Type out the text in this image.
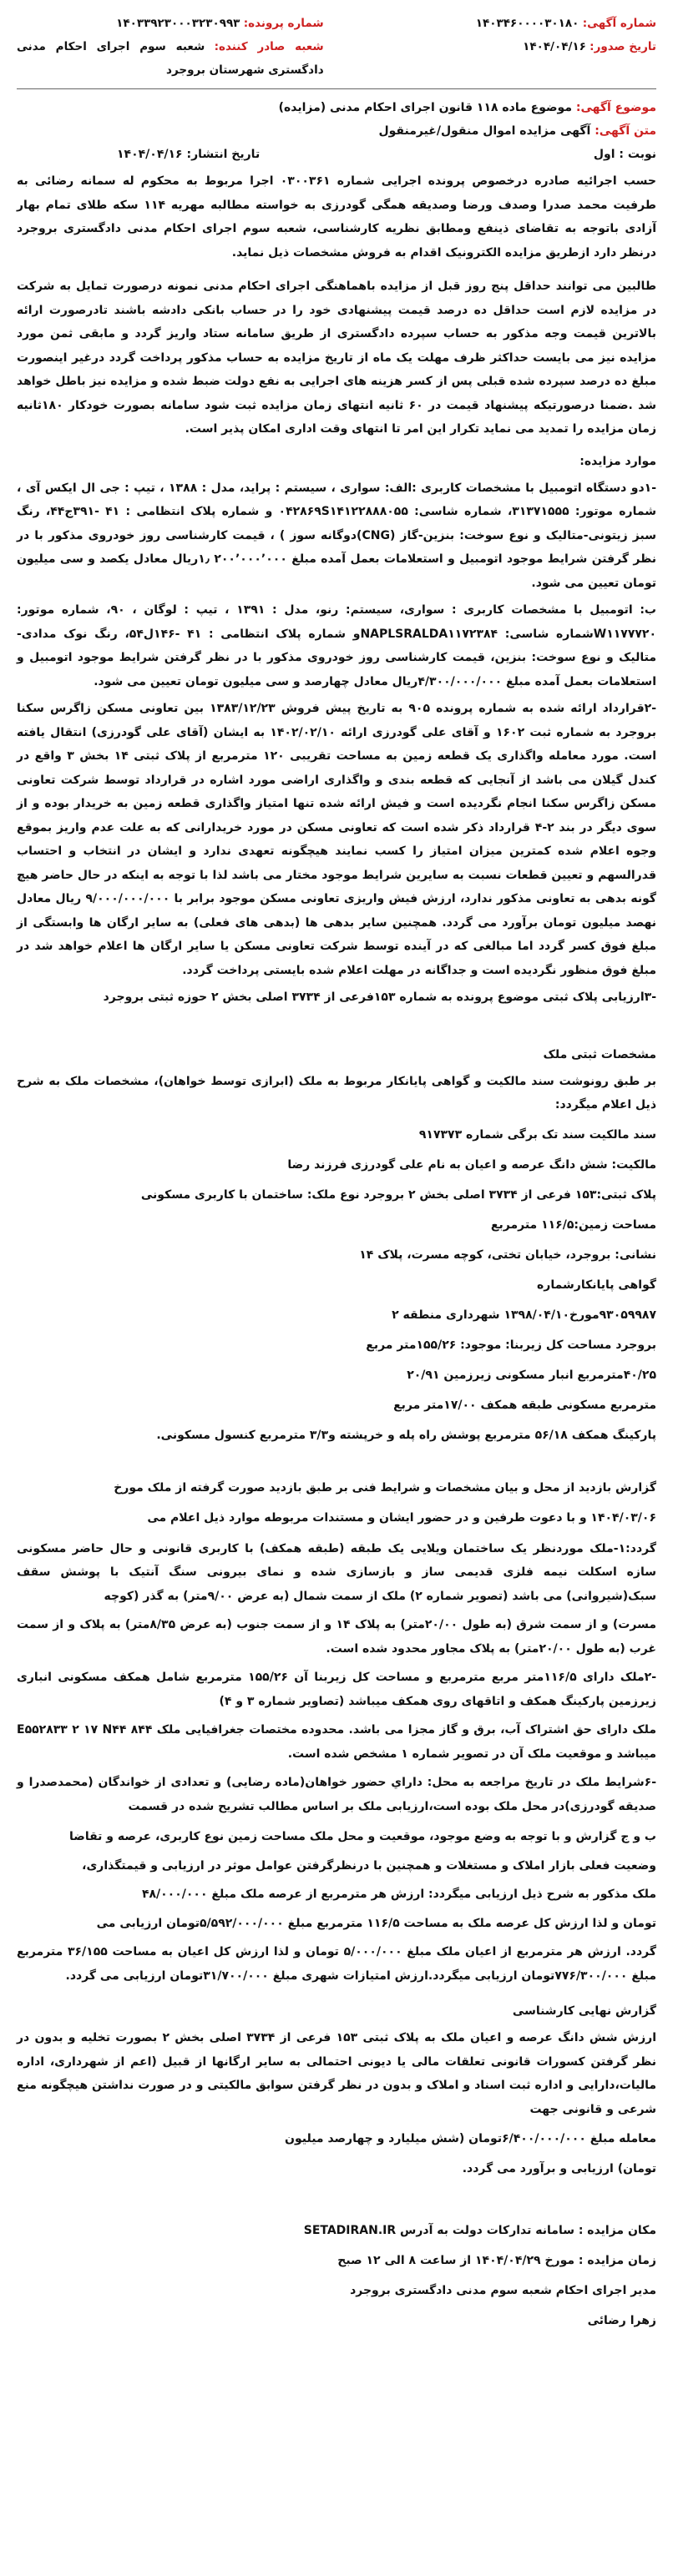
شماره آگهی: ۱۴۰۳۴۶۰۰۰۰۳۰۱۸۰
تاریخ صدور: ۱۴۰۴/۰۴/۱۶
شماره پرونده: ۱۴۰۳۳۹۲۳۰۰۰۳۲۳۰۹۹۳
شعبه صادر کننده: شعبه سوم اجرای احکام مدنی دادگستری شهرستان بروجرد
موضوع آگهی: موضوع ماده ۱۱۸ قانون اجرای احکام مدنی (مزایده)
متن آگهی: آگهی مزایده اموال منقول/غیرمنقول
نوبت : اول
تاریخ انتشار: ۱۴۰۴/۰۴/۱۶

حسب اجرائیه صادره درخصوص پرونده اجرایی شماره ۰۳۰۰۳۶۱ اجرا مربوط به محکوم له سمانه رضائی به طرفیت محمد صدرا وصدف ورضا وصدیقه همگی گودرزی به خواسته مطالبه مهریه ۱۱۴ سکه طلای تمام بهار آزادی باتوجه به تقاضای ذینفع ومطابق نظریه کارشناسی، شعبه سوم اجرای احکام مدنی دادگستری بروجرد درنظر دارد ازطریق مزایده الکترونیک اقدام به فروش مشخصات ذیل نماید.

طالبین می توانند حداقل پنج روز قبل از مزایده باهماهنگی اجرای احکام مدنی نمونه درصورت تمایل به شرکت در مزایده لازم است حداقل ده درصد قیمت پیشنهادی خود را در حساب بانکی دادشه باشند تادرصورت ارائه بالاترین قیمت وجه مذکور به حساب سپرده دادگستری از طریق سامانه ستاد واریز گردد و مابقی ثمن مورد مزایده نیز می بایست حداکثر ظرف مهلت یک ماه از تاریخ مزایده به حساب مذکور پرداخت گردد درغیر اینصورت مبلغ ده درصد سپرده شده قبلی پس از کسر هزینه های اجرایی به نفع دولت ضبط شده و مزایده نیز باطل خواهد شد .ضمنا درصورتیکه پیشنهاد قیمت در ۶۰ ثانیه انتهای زمان مزایده ثبت شود سامانه بصورت خودکار ۱۸۰ثانیه زمان مزایده را تمدید می نماید تکرار این امر تا انتهای وقت اداری امکان پذیر است.

موارد مزایده:

-۱دو دستگاه اتومبیل با مشخصات کاربری :الف: سواری ، سیستم : پراید، مدل : ۱۳۸۸ ، تیپ : جی ال ایکس آی ، شماره موتور: ۳۱۳۷۱۵۵۵، شماره شاسی: ۰۴۲۸۶۹S۱۴۱۲۲۸۸۸۰۵۵ و شماره پلاک انتظامی : ۴۱ -۳۹۱ج۴۴، رنگ سبز زیتونی-متالیک و نوع سوخت: بنزین-گاز (CNG)دوگانه سوز ) ، قیمت کارشناسی روز خودروی مذکور با در نظر گرفتن شرایط موجود اتومبیل و استعلامات بعمل آمده مبلغ ۲۰۰٬۰۰۰٬۰۰۰ ۱٫ریال معادل یکصد و سی میلیون تومان تعیین می شود.

ب: اتومبیل با مشخصات کاربری : سواری، سیستم: رنو، مدل : ۱۳۹۱ ، تیپ : لوگان ، ۹۰، شماره موتور: W۱۱۷۷۷۲۰شماره شاسی: NAPLSRALDA۱۱۷۲۳۸۴و شماره پلاک انتظامی : ۴۱ -۱۴۶ل۵۴، رنگ نوک مدادی-متالیک و نوع سوخت: بنزین، قیمت کارشناسی روز خودروی مذکور با در نظر گرفتن شرایط موجود اتومبیل و استعلامات بعمل آمده مبلغ ۴/۳۰۰/۰۰۰/۰۰۰ریال معادل چهارصد و سی میلیون تومان تعیین می شود.

-۲قرارداد ارائه شده به شماره پرونده ۹۰۵ به تاریخ پیش فروش ۱۳۸۳/۱۲/۲۳ بین تعاونی مسکن زاگرس سکنا بروجرد به شماره ثبت ۱۶۰۲ و آقای علی گودرزی ارائه ۱۴۰۲/۰۲/۱۰ به ایشان (آقای علی گودرزی) انتقال یافته است. مورد معامله واگذاری یک قطعه زمین به مساحت تقریبی ۱۲۰ مترمربع از پلاک ثبتی ۱۴ بخش ۳ واقع در کندل گیلان می باشد از آنجایی که قطعه بندی و واگذاری اراضی مورد اشاره در قرارداد توسط شرکت تعاونی مسکن زاگرس سکنا انجام نگردیده است و فیش ارائه شده تنها امتیاز واگذاری قطعه زمین به خریدار بوده و از سوی دیگر در بند ۲-۴ قرارداد ذکر شده است که تعاونی مسکن در مورد خریدارانی که به علت عدم واریز بموقع وجوه اعلام شده کمترین میزان امتیاز را کسب نمایند هیچگونه تعهدی ندارد و ایشان در انتخاب و احتساب قدرالسهم و تعیین قطعات نسبت به سایرین شرایط موجود مختار می باشد لذا با توجه به اینکه در حال حاضر هیچ گونه بدهی به تعاونی مذکور ندارد، ارزش فیش واریزی تعاونی مسکن موجود برابر با ۹/۰۰۰/۰۰۰/۰۰۰ ریال معادل نهصد میلیون تومان برآورد می گردد. همچنین سایر بدهی ها (بدهی های فعلی) به سایر ارگان ها وابستگی از مبلغ فوق کسر گردد اما مبالغی که در آینده توسط شرکت تعاونی مسکن یا سایر ارگان ها اعلام خواهد شد در مبلغ فوق منظور نگردیده است و جداگانه در مهلت اعلام شده بایستی پرداخت گردد.

-۳ارزیابی پلاک ثبتی موضوع پرونده به شماره ۱۵۳فرعی از ۳۷۳۴ اصلی بخش ۲ حوزه ثبتی بروجرد

مشخصات ثبتی ملک

بر طبق رونوشت سند مالکیت و گواهی پایانکار مربوط به ملک (ابرازی توسط خواهان)، مشخصات ملک به شرح ذیل اعلام میگردد:

سند مالکیت سند تک برگی شماره ۹۱۷۳۷۳

مالکیت: شش دانگ عرصه و اعیان به نام علی گودرزی فرزند رضا

پلاک ثبتی:۱۵۳ فرعی از ۳۷۳۴ اصلی بخش ۲ بروجرد نوع ملک: ساختمان با کاربری مسکونی

مساحت زمین:۱۱۶/۵ مترمربع

نشانی: بروجرد، خیابان تختی، کوچه مسرت، پلاک ۱۴

گواهی پایانکارشماره

۹۳۰۵۹۹۸۷مورخ۱۳۹۸/۰۴/۱۰ شهرداری منطقه ۲

بروجرد مساحت کل زیربنا: موجود: ۱۵۵/۲۶متر مربع

۴۰/۲۵مترمربع انبار مسکونی زیرزمین ۲۰/۹۱

مترمربع مسکونی طبقه همکف ۱۷/۰۰متر مربع

پارکینگ همکف ۵۶/۱۸ مترمربع پوشش راه پله و خرپشته و۳/۳ مترمربع کنسول مسکونی.

گزارش بازدید از محل و بیان مشخصات و شرایط فنی بر طبق بازدید صورت گرفته از ملک مورخ

۱۴۰۴/۰۳/۰۶ و با دعوت طرفین و در حضور ایشان و مستندات مربوطه موارد ذیل اعلام می

گردد:۱-ملک موردنظر یک ساختمان ویلایی یک طبقه (طبقه همکف) با کاربری قانونی و حال حاضر مسکونی سازه اسکلت نیمه فلزی قدیمی ساز و بازسازی شده و نمای بیرونی سنگ آنتیک با پوشش سقف سبک(شیروانی) می باشد (تصویر شماره ۲) ملک از سمت شمال (به عرض ۹/۰۰متر) به گذر (کوچه

مسرت) و از سمت شرق (به طول ۲۰/۰۰متر) به پلاک ۱۴ و از سمت جنوب (به عرض ۸/۳۵متر) به پلاک و از سمت غرب (به طول ۲۰/۰۰متر) به پلاک مجاور محدود شده است.

-۲ملک دارای ۱۱۶/۵متر مربع مترمربع و مساحت کل زیربنا آن ۱۵۵/۲۶ مترمربع شامل همکف مسکونی انباری زیرزمین پارکینگ همکف و اتاقهای روی همکف میباشد (تصاویر شماره ۳ و ۴)

ملک دارای حق اشتراک آب، برق و گاز مجزا می باشد. محدوده مختصات جغرافیایی ملک E۵۵۲۸۳۳ ۲ ۱۷ N۴۴ ۸۴۴ میباشد و موقعیت ملک آن در تصویر شماره ۱ مشخص شده است.

-۶شرایط ملک در تاریخ مراجعه به محل: داراي حضور خواهان(ماده رضایی) و تعدادی از خواندگان (محمدصدرا و صدیقه گودرزی)در محل ملک بوده است،ارزیابی ملک بر اساس مطالب تشریح شده در قسمت

ب و ج گزارش و با توجه به وضع موجود، موقعیت و محل ملک مساحت زمین نوع کاربری، عرصه و تقاضا

وضعیت فعلی بازار املاک و مستغلات و همچنین با درنظرگرفتن عوامل موثر در ارزیابی و قیمتگذاری،

ملک مذکور به شرح ذیل ارزیابی میگردد: ارزش هر مترمربع از عرصه ملک مبلغ ۴۸/۰۰۰/۰۰۰

تومان و لذا ارزش کل عرصه ملک به مساحت ۱۱۶/۵ مترمربع مبلغ ۵/۵۹۲/۰۰۰/۰۰۰تومان ارزیابی می

گردد. ارزش هر مترمربع از اعیان ملک مبلغ ۵/۰۰۰/۰۰۰ تومان و لذا ارزش کل اعیان به مساحت ۳۶/۱۵۵ مترمربع مبلغ ۷۷۶/۳۰۰/۰۰۰تومان ارزیابی میگردد.ارزش امتیازات شهری مبلغ ۳۱/۷۰۰/۰۰۰تومان ارزیابی می گردد.

گزارش نهایی کارشناسی

ارزش شش دانگ عرصه و اعیان ملک به پلاک ثبتی ۱۵۳ فرعی از ۳۷۳۴ اصلی بخش ۲ بصورت تخلیه و بدون در نظر گرفتن کسورات قانونی تعلقات مالی یا دیونی احتمالی به سایر ارگانها از قبیل (اعم از شهرداری، اداره مالیات،دارایی و اداره ثبت اسناد و املاک و بدون در نظر گرفتن سوابق مالکیتی و در صورت نداشتن هیچگونه منع شرعی و قانونی جهت

معامله مبلغ ۶/۴۰۰/۰۰۰/۰۰۰تومان (شش میلیارد و چهارصد میلیون

تومان) ارزیابی و برآورد می گردد.

مکان مزایده : سامانه تدارکات دولت به آدرس SETADIRAN.IR

زمان مزایده : مورخ ۱۴۰۴/۰۴/۲۹ از ساعت ۸ الی ۱۲ صبح

مدیر اجرای احکام شعبه سوم مدنی دادگستری بروجرد

زهرا رضائی
